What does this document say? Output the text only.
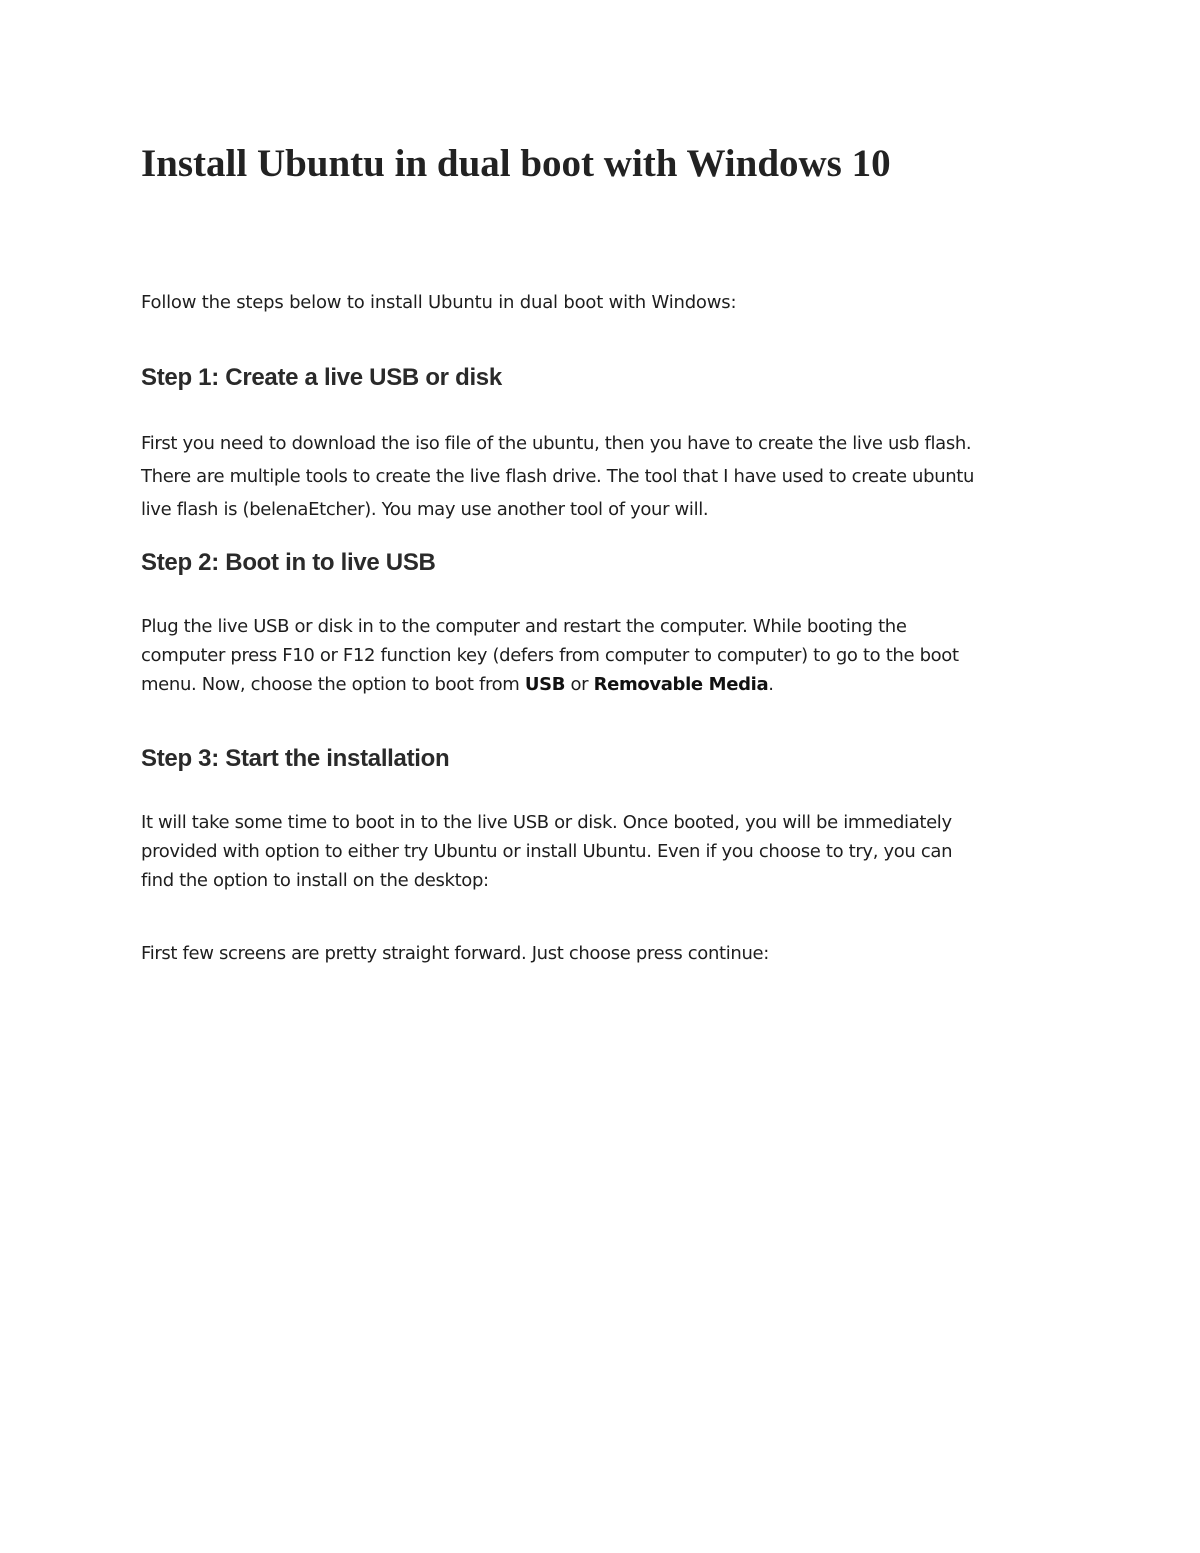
Install Ubuntu in dual boot with Windows 10

Follow the steps below to install Ubuntu in dual boot with Windows:

Step 1: Create a live USB or disk

First you need to download the iso file of the ubuntu, then you have to create the live usb flash.
There are multiple tools to create the live flash drive. The tool that I have used to create ubuntu
live flash is (belenaEtcher). You may use another tool of your will.

Step 2: Boot in to live USB

Plug the live USB or disk in to the computer and restart the computer. While booting the
computer press F10 or F12 function key (defers from computer to computer) to go to the boot
menu. Now, choose the option to boot from USB or Removable Media.

Step 3: Start the installation

It will take some time to boot in to the live USB or disk. Once booted, you will be immediately
provided with option to either try Ubuntu or install Ubuntu. Even if you choose to try, you can
find the option to install on the desktop:

First few screens are pretty straight forward. Just choose press continue:
